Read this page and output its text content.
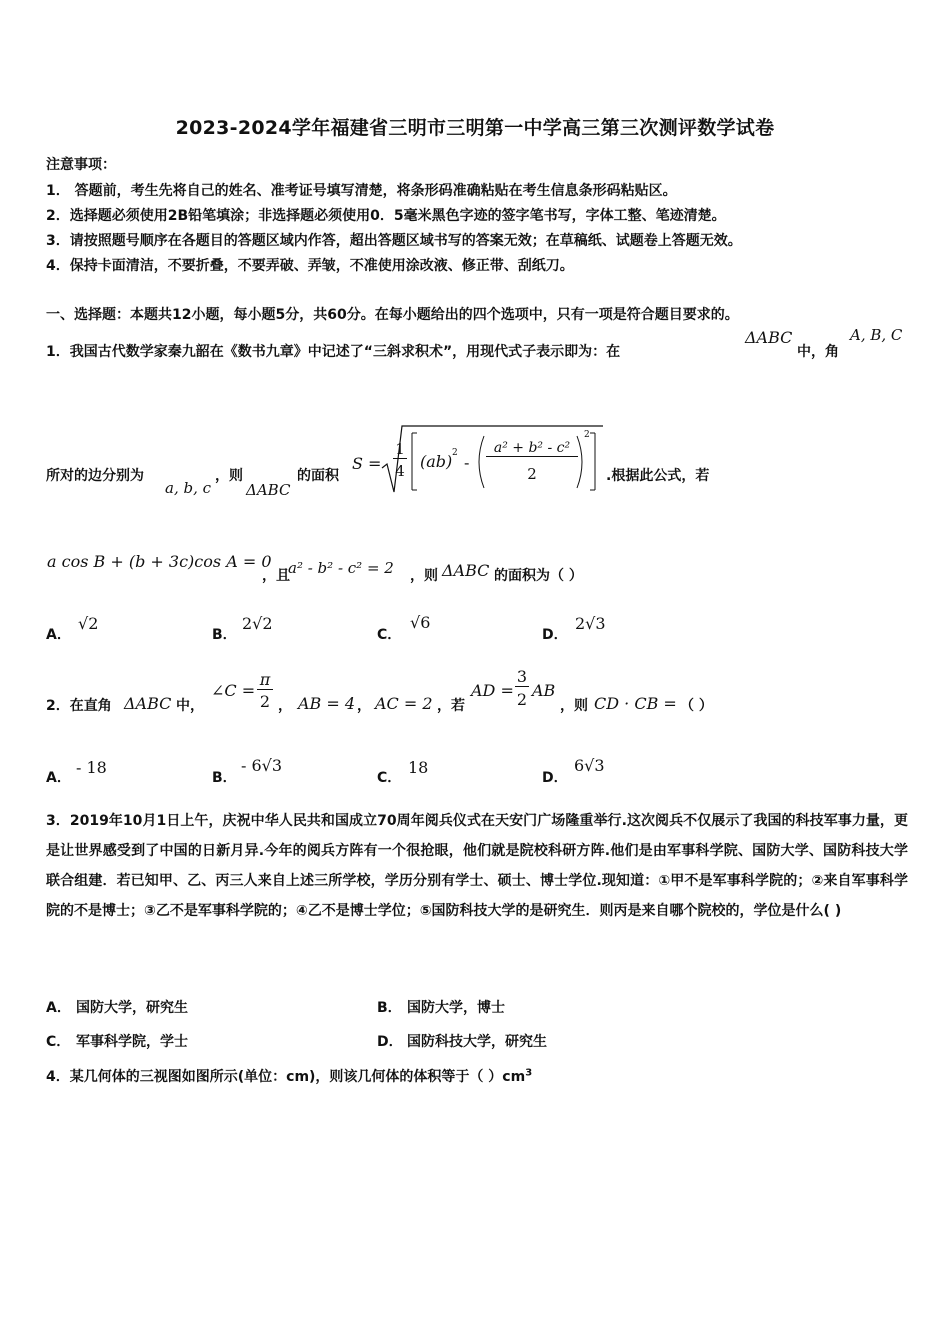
2023-2024学年福建省三明市三明第一中学高三第三次测评数学试卷
注意事项：
1． 答题前，考生先将自己的姓名、准考证号填写清楚，将条形码准确粘贴在考生信息条形码粘贴区。
2．选择题必须使用2B铅笔填涂；非选择题必须使用0．5毫米黑色字迹的签字笔书写，字体工整、笔迹清楚。
3．请按照题号顺序在各题目的答题区域内作答，超出答题区域书写的答案无效；在草稿纸、试题卷上答题无效。
4．保持卡面清洁，不要折叠，不要弄破、弄皱，不准使用涂改液、修正带、刮纸刀。
一、选择题：本题共12小题，每小题5分，共60分。在每小题给出的四个选项中，只有一项是符合题目要求的。
1．我国古代数学家秦九韶在《数书九章》中记述了“三斜求积术”，用现代式子表示即为：在
ΔABC
中，角
A, B, C
所对的边分别为
a, b, c
，则
ΔABC
的面积
S =
1
4 (ab) 2 -
a² + b² - c²
2
2
.根据此公式，若
a cos B + (b + 3c)cos A = 0
，且
a² - b² - c² = 2 ，则 ΔABC 的面积为（ ）
A．
√2
B．
2√2
C．
√6
D．
2√3
2．在直角 ΔABC 中，
∠C =
π
2 ， AB = 4 ， AC = 2 ，若
AD =
3
2 AB
，则 CD · CB = （ ）
A．
- 18
B．
- 6√3
C．
18
D．
6√3
3．2019年10月1日上午，庆祝中华人民共和国成立70周年阅兵仪式在天安门广场隆重举行.这次阅兵不仅展示了我国的科技军事力量，更是让世界感受到了中国的日新月异.今年的阅兵方阵有一个很抢眼，他们就是院校科研方阵.他们是由军事科学院、国防大学、国防科技大学联合组建．若已知甲、乙、丙三人来自上述三所学校，学历分别有学士、硕士、博士学位.现知道：①甲不是军事科学院的；②来自军事科学院的不是博士；③乙不是军事科学院的；④乙不是博士学位；⑤国防科技大学的是研究生．则丙是来自哪个院校的，学位是什么( )
A． 国防大学，研究生	B． 国防大学，博士
C． 军事科学院，学士	D． 国防科技大学，研究生
4．某几何体的三视图如图所示(单位：cm)，则该几何体的体积等于（ ）$cm^3$
